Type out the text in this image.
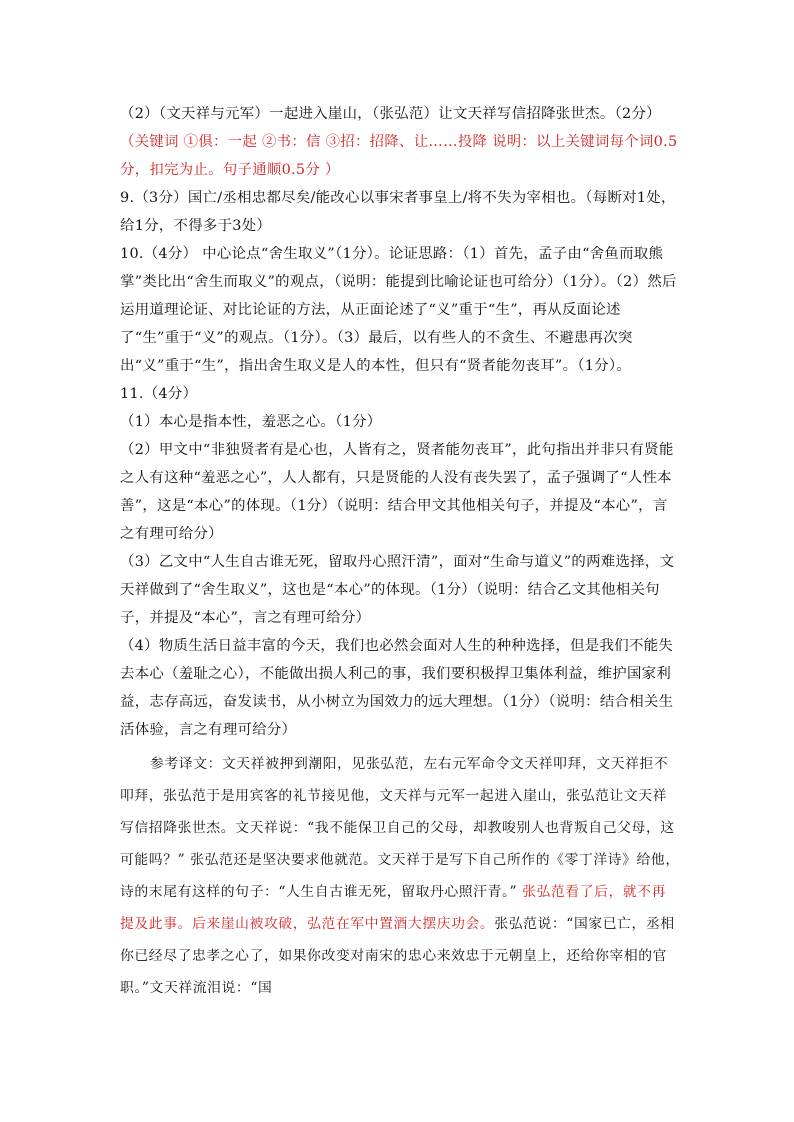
（2）（文天祥与元军）一起进入崖山，（张弘范）让文天祥写信招降张世杰。（2分）

（关键词 ①俱：一起 ②书：信 ③招：招降、让……投降 说明：以上关键词每个词0.5分，扣完为止。句子通顺0.5分 ）

9.（3分）国亡/丞相忠都尽矣/能改心以事宋者事皇上/将不失为宰相也。（每断对1处，给1分，不得多于3处）

10.（4分） 中心论点“舍生取义”（1分）。论证思路：（1）首先，孟子由“舍鱼而取熊掌”类比出“舍生而取义”的观点，（说明：能提到比喻论证也可给分）（1分）。（2）然后运用道理论证、对比论证的方法，从正面论述了“义”重于“生”，再从反面论述了“生”重于“义”的观点。（1分）。（3）最后，以有些人的不贪生、不避患再次突出“义”重于“生”，指出舍生取义是人的本性，但只有“贤者能勿丧耳”。（1分）。

11.（4分）

（1）本心是指本性，羞恶之心。（1分）

（2）甲文中“非独贤者有是心也，人皆有之，贤者能勿丧耳”，此句指出并非只有贤能之人有这种“羞恶之心”，人人都有，只是贤能的人没有丧失罢了，孟子强调了“人性本善”，这是“本心”的体现。（1分）（说明：结合甲文其他相关句子，并提及“本心”，言之有理可给分）

（3）乙文中“人生自古谁无死，留取丹心照汗清”，面对“生命与道义”的两难选择，文天祥做到了“舍生取义”，这也是“本心”的体现。（1分）（说明：结合乙文其他相关句子，并提及“本心”，言之有理可给分）

（4）物质生活日益丰富的今天，我们也必然会面对人生的种种选择，但是我们不能失去本心（羞耻之心），不能做出损人利己的事，我们要积极捍卫集体利益，维护国家利益，志存高远，奋发读书，从小树立为国效力的远大理想。（1分）（说明：结合相关生活体验，言之有理可给分）

参考译文：文天祥被押到潮阳，见张弘范，左右元军命令文天祥叩拜，文天祥拒不叩拜，张弘范于是用宾客的礼节接见他，文天祥与元军一起进入崖山，张弘范让文天祥写信招降张世杰。文天祥说：“我不能保卫自己的父母，却教唆别人也背叛自己父母，这可能吗？” 张弘范还是坚决要求他就范。文天祥于是写下自己所作的《零丁洋诗》给他，诗的末尾有这样的句子：“人生自古谁无死，留取丹心照汗青。” 张弘范看了后，就不再提及此事。后来崖山被攻破，弘范在军中置酒大摆庆功会。张弘范说：“国家已亡，丞相你已经尽了忠孝之心了，如果你改变对南宋的忠心来效忠于元朝皇上，还给你宰相的官职。”文天祥流泪说：“国
